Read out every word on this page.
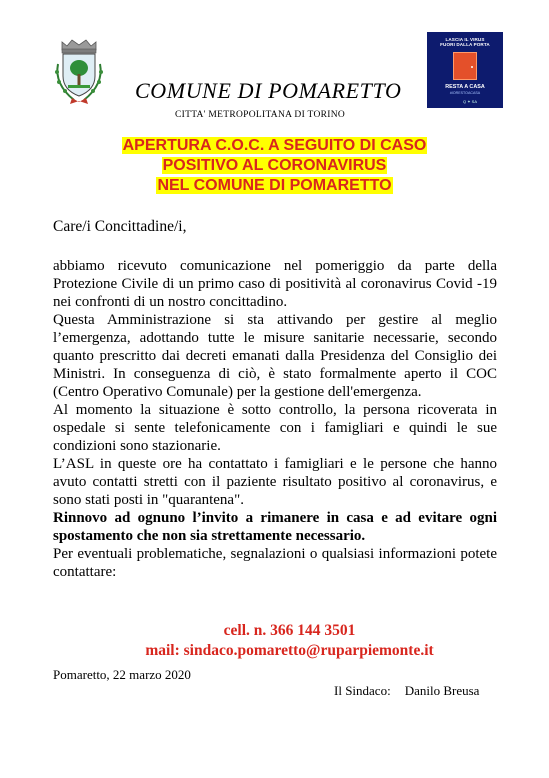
LASCIA IL VIRUS
FUORI DALLA PORTA
RESTA A CASA
#IORESTOACASA
Q ✦ SA
COMUNE DI POMARETTO
CITTA' METROPOLITANA DI TORINO
APERTURA C.O.C. A SEGUITO DI CASO
POSITIVO AL CORONAVIRUS
NEL COMUNE DI POMARETTO
Care/i Concittadine/i,

abbiamo ricevuto comunicazione nel pomeriggio da parte della Protezione Civile di un primo caso di positività al coronavirus Covid -19 nei confronti di un nostro concittadino.

Questa Amministrazione si sta attivando per gestire al meglio l’emergenza, adottando tutte le misure sanitarie necessarie, secondo quanto prescritto dai decreti emanati dalla Presidenza del Consiglio dei Ministri. In conseguenza di ciò, è stato formalmente aperto il COC (Centro Operativo Comunale) per la gestione dell'emergenza.

Al momento la situazione è sotto controllo, la persona ricoverata in ospedale si sente telefonicamente con i famigliari e quindi le sue condizioni sono stazionarie.

L’ASL in queste ore ha contattato i famigliari e le persone che hanno avuto contatti stretti con il paziente risultato positivo al coronavirus, e sono stati posti in "quarantena".

Rinnovo ad ognuno l’invito a rimanere in casa e ad evitare ogni spostamento che non sia strettamente necessario.

Per eventuali problematiche, segnalazioni o qualsiasi informazioni potete contattare:

cell. n. 366 144 3501
mail: sindaco.pomaretto@ruparpiemonte.it
Pomaretto, 22 marzo 2020
Il Sindaco: Danilo Breusa
